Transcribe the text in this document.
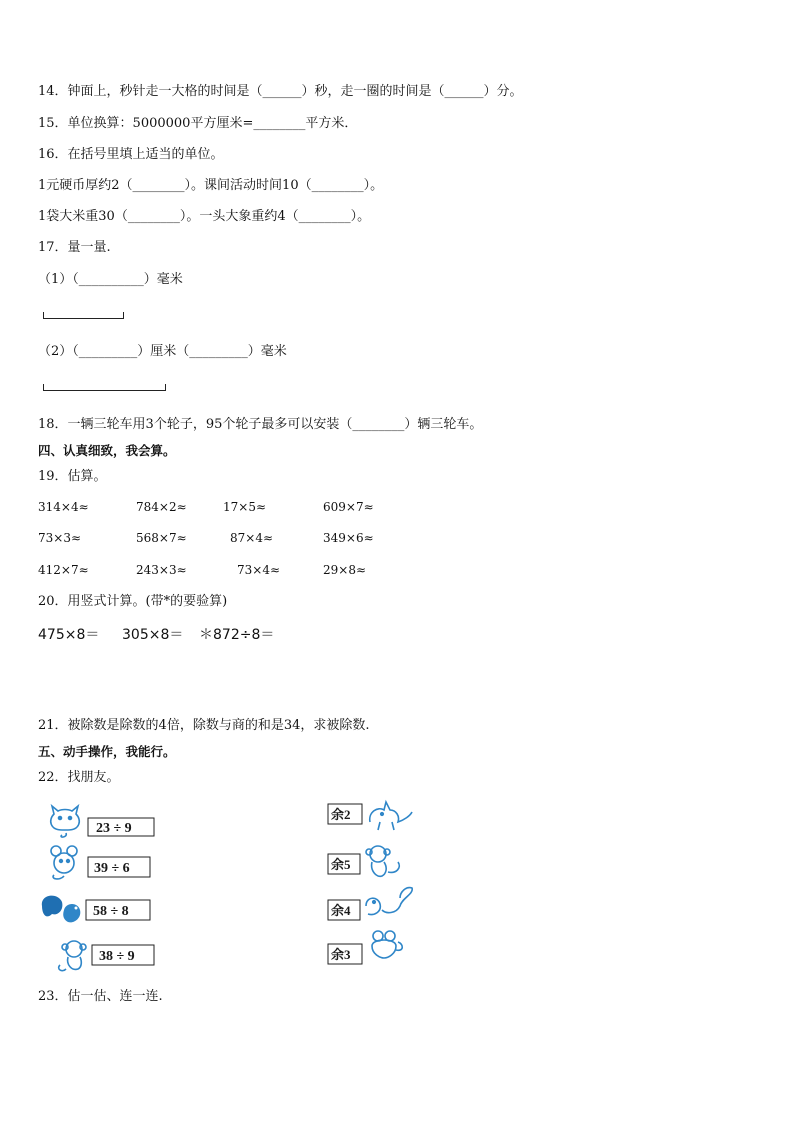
14．钟面上，秒针走一大格的时间是（______）秒，走一圈的时间是（______）分。
15．单位换算：5000000平方厘米=________平方米．
16．在括号里填上适当的单位。
1元硬币厚约2（________）。课间活动时间10（________）。
1袋大米重30（________）。一头大象重约4（________）。
17．量一量.
（1）（__________）毫米
（2）（_________）厘米（_________）毫米
18．一辆三轮车用3个轮子，95个轮子最多可以安装（________）辆三轮车。
四、认真细致，我会算。
19．估算。
314×4≈	784×2≈	17×5≈	609×7≈
73×3≈	568×7≈	87×4≈	349×6≈
412×7≈	243×3≈	73×4≈	29×8≈
20．用竖式计算。(带*的要验算)
475×8＝ 305×8＝ ＊872÷8＝
21．被除数是除数的4倍，除数与商的和是34，求被除数.
五、动手操作，我能行。
22．找朋友。
23 ÷ 9
39 ÷ 6
58 ÷ 8
38 ÷ 9
余2
余5
余4
余3
23．估一估、连一连.
